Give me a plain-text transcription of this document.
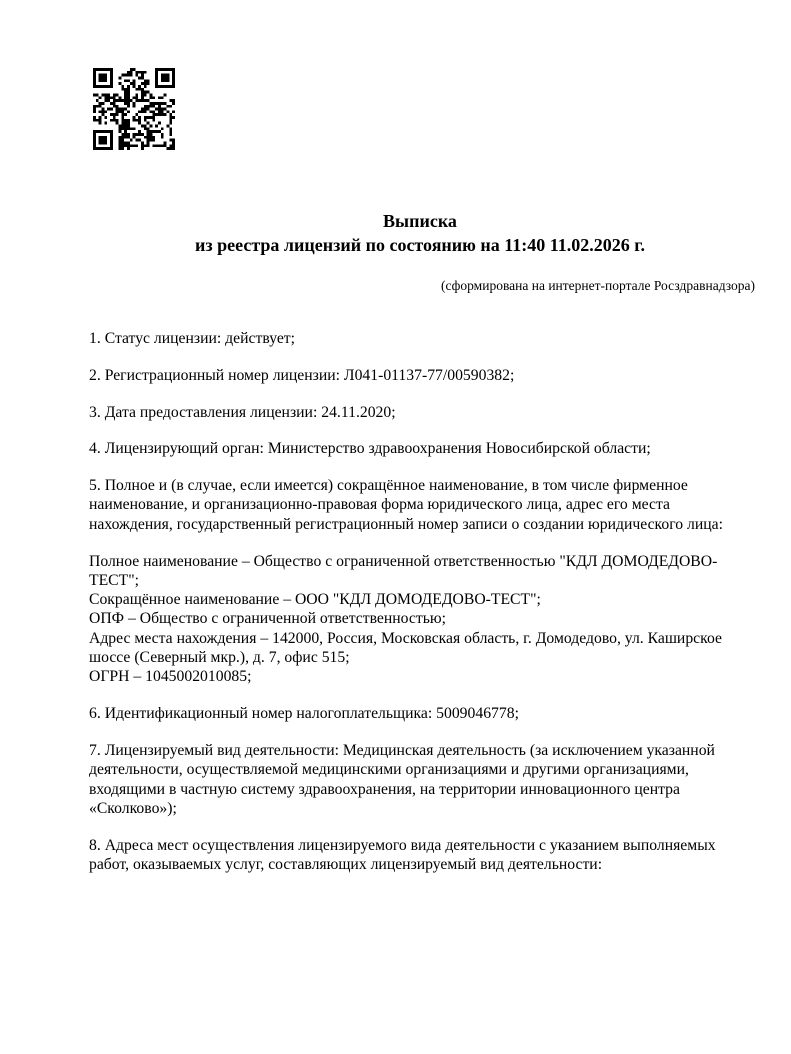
Выписка
из реестра лицензий по состоянию на 11:40 11.02.2026 г.
(сформирована на интернет-портале Росздравнадзора)

1. Статус лицензии: действует;

2. Регистрационный номер лицензии: Л041-01137-77/00590382;

3. Дата предоставления лицензии: 24.11.2020;

4. Лицензирующий орган: Министерство здравоохранения Новосибирской области;

5. Полное и (в случае, если имеется) сокращённое наименование, в том числе фирменное наименование, и организационно-правовая форма юридического лица, адрес его места нахождения, государственный регистрационный номер записи о создании юридического лица:

Полное наименование – Общество с ограниченной ответственностью "КДЛ ДОМОДЕДОВО-ТЕСТ";
Сокращённое наименование – ООО "КДЛ ДОМОДЕДОВО-ТЕСТ";
ОПФ – Общество с ограниченной ответственностью;
Адрес места нахождения – 142000, Россия, Московская область, г. Домодедово, ул. Каширское шоссе (Северный мкр.), д. 7, офис 515;
ОГРН – 1045002010085;

6. Идентификационный номер налогоплательщика: 5009046778;

7. Лицензируемый вид деятельности: Медицинская деятельность (за исключением указанной деятельности, осуществляемой медицинскими организациями и другими организациями, входящими в частную систему здравоохранения, на территории инновационного центра «Сколково»);

8. Адреса мест осуществления лицензируемого вида деятельности с указанием выполняемых работ, оказываемых услуг, составляющих лицензируемый вид деятельности:
